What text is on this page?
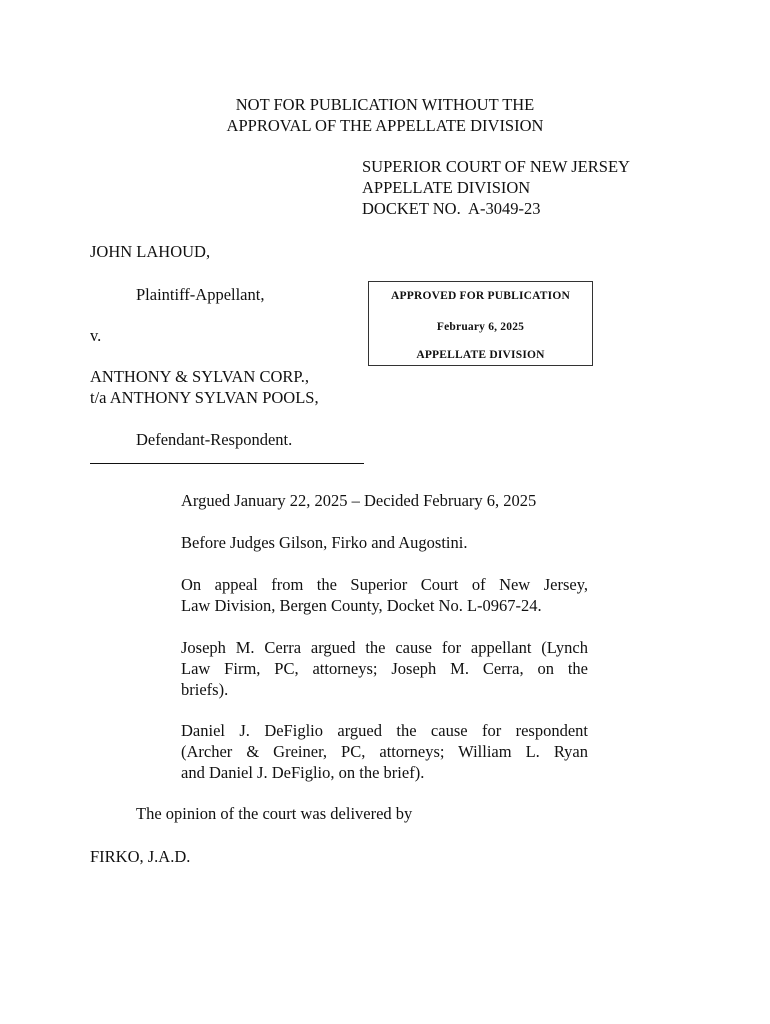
NOT FOR PUBLICATION WITHOUT THE
APPROVAL OF THE APPELLATE DIVISION
SUPERIOR COURT OF NEW JERSEY
APPELLATE DIVISION
DOCKET NO.  A-3049-23
JOHN LAHOUD,
Plaintiff-Appellant,
v.
ANTHONY & SYLVAN CORP.,
t/a ANTHONY SYLVAN POOLS,
Defendant-Respondent.
APPROVED FOR PUBLICATION
February 6, 2025
APPELLATE DIVISION
Argued January 22, 2025 – Decided February 6, 2025
Before Judges Gilson, Firko and Augostini.
On appeal from the Superior Court of New Jersey,
Law Division, Bergen County, Docket No. L-0967-24.
Joseph M. Cerra argued the cause for appellant (Lynch
Law Firm, PC, attorneys; Joseph M. Cerra, on the
briefs).
Daniel J. DeFiglio argued the cause for respondent
(Archer & Greiner, PC, attorneys; William L. Ryan
and Daniel J. DeFiglio, on the brief).
The opinion of the court was delivered by
FIRKO, J.A.D.
